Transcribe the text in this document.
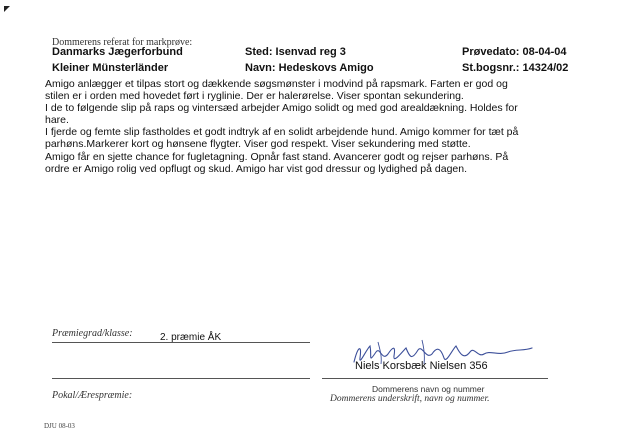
Dommerens referat for markprøve:
Danmarks Jægerforbund	Sted: Isenvad reg 3	Prøvedato: 08-04-04
Kleiner Münsterländer	Navn: Hedeskovs Amigo	St.bogsnr.: 14324/02

Amigo anlægger et tilpas stort og dækkende søgsmønster i modvind på rapsmark. Farten er god og

stilen er i orden med hovedet ført i ryglinie. Der er halerørelse. Viser spontan sekundering.

I de to følgende slip på raps og vintersæd arbejder Amigo solidt og med god arealdækning. Holdes for

hare.

I fjerde og femte slip fastholdes et godt indtryk af en solidt arbejdende hund. Amigo kommer for tæt på

parhøns.Markerer kort og hønsene flygter. Viser god respekt. Viser sekundering med støtte.

Amigo får en sjette chance for fugletagning. Opnår fast stand. Avancerer godt og rejser parhøns. På

ordre er Amigo rolig ved opflugt og skud. Amigo har vist god dressur og lydighed på dagen.

Præmiegrad/klasse:	2. præmie ÅK
Niels Korsbæk Nielsen 356
Pokal/Ærespræmie:
Dommerens navn og nummer
Dommerens underskrift, navn og nummer.
DJU 08-03
